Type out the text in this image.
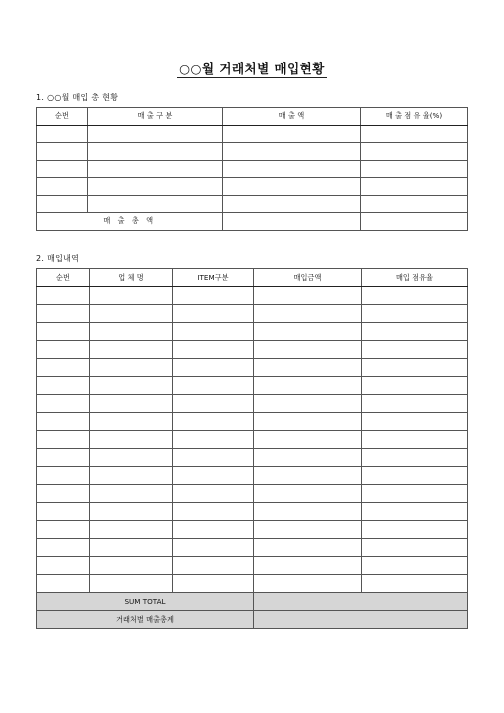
○○월 거래처별 매입현황
1. ○○월 매입 총 현황
순번	매 출 구 분	매 출 액	매 출 점 유 율(%)

매 출 총 액			
2. 매입내역
순번	업 체 명	ITEM구분	매입금액	매입 점유율

SUM TOTAL				
거래처별 매출총계				
